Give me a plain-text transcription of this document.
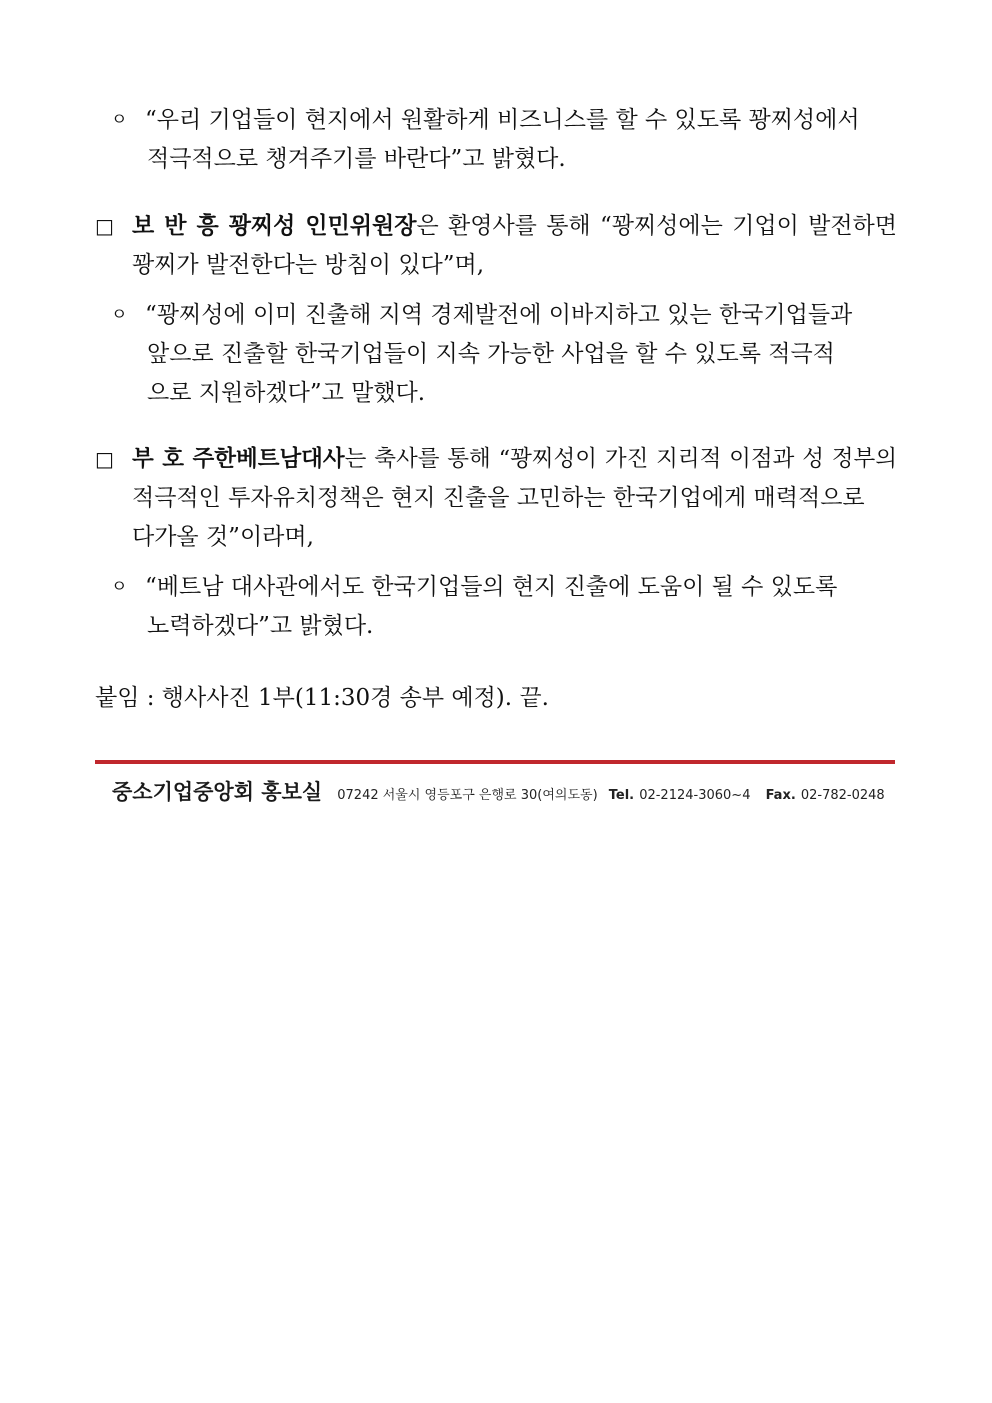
ㅇ “우리 기업들이 현지에서 원활하게 비즈니스를 할 수 있도록 꽝찌성에서
적극적으로 챙겨주기를 바란다”고 밝혔다.
□ 보 반 흥 꽝찌성 인민위원장은 환영사를 통해 “꽝찌성에는 기업이 발전하면
꽝찌가 발전한다는 방침이 있다”며,
ㅇ “꽝찌성에 이미 진출해 지역 경제발전에 이바지하고 있는 한국기업들과
앞으로 진출할 한국기업들이 지속 가능한 사업을 할 수 있도록 적극적
으로 지원하겠다”고 말했다.
□ 부 호 주한베트남대사는 축사를 통해 “꽝찌성이 가진 지리적 이점과 성 정부의
적극적인 투자유치정책은 현지 진출을 고민하는 한국기업에게 매력적으로
다가올 것”이라며,
ㅇ “베트남 대사관에서도 한국기업들의 현지 진출에 도움이 될 수 있도록
노력하겠다”고 밝혔다.
붙임 : 행사사진 1부(11:30경 송부 예정). 끝.
중소기업중앙회 홍보실 07242 서울시 영등포구 은행로 30(여의도동) Tel. 02-2124-3060~4 Fax. 02-782-0248
